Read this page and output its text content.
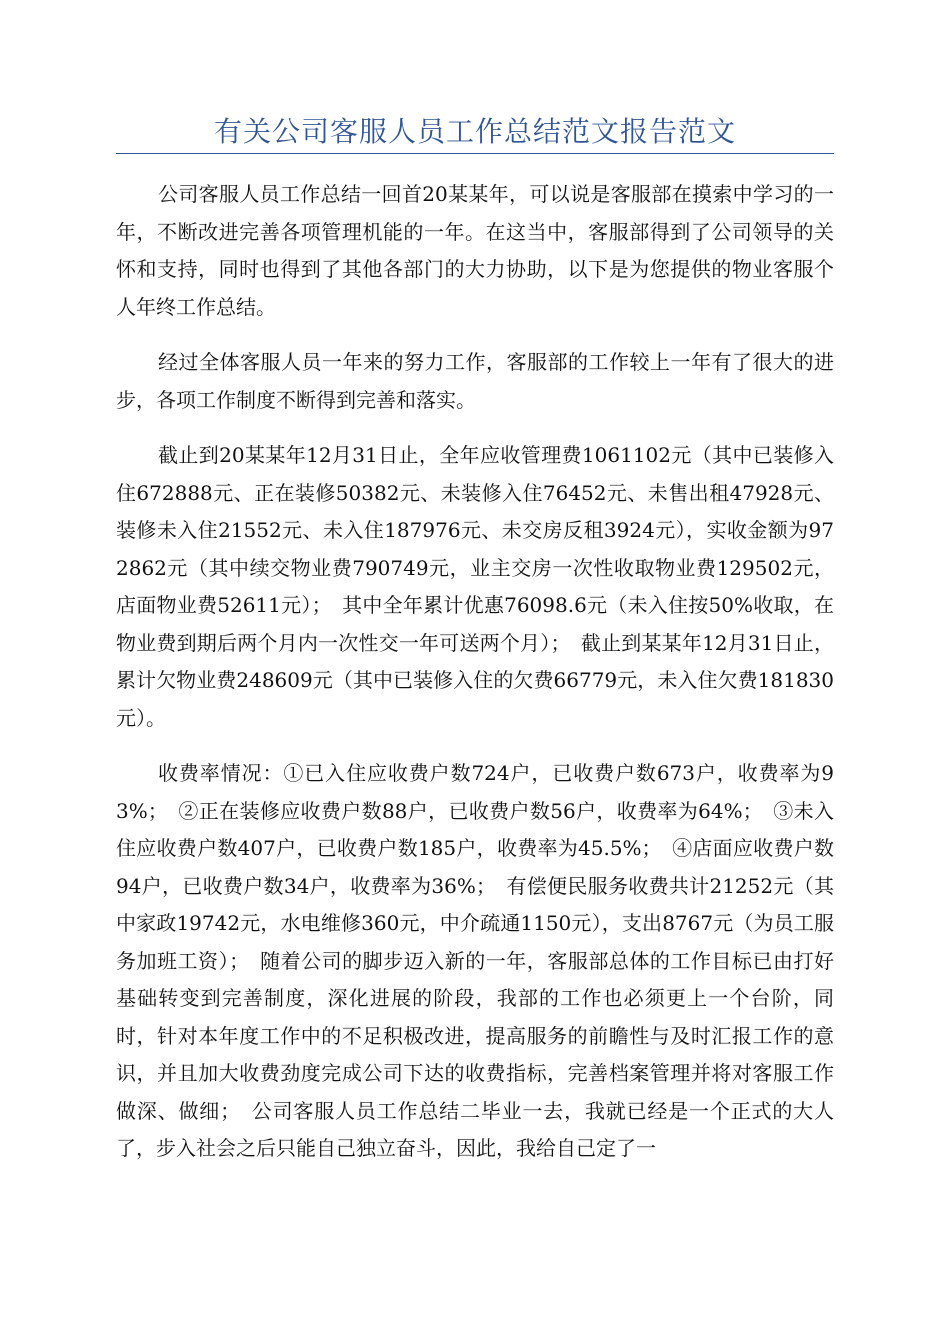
有关公司客服人员工作总结范文报告范文

公司客服人员工作总结一回首20某某年，可以说是客服部在摸索中学习的一年，不断改进完善各项管理机能的一年。在这当中，客服部得到了公司领导的关怀和支持，同时也得到了其他各部门的大力协助，以下是为您提供的物业客服个人年终工作总结。

经过全体客服人员一年来的努力工作，客服部的工作较上一年有了很大的进步，各项工作制度不断得到完善和落实。

截止到20某某年12月31日止，全年应收管理费1061102元（其中已装修入住672888元、正在装修50382元、未装修入住76452元、未售出租47928元、装修未入住21552元、未入住187976元、未交房反租3924元），实收金额为972862元（其中续交物业费790749元，业主交房一次性收取物业费129502元，店面物业费52611元）；　其中全年累计优惠76098.6元（未入住按50%收取，在物业费到期后两个月内一次性交一年可送两个月）；　截止到某某年12月31日止，累计欠物业费248609元（其中已装修入住的欠费66779元，未入住欠费181830元）。

收费率情况：①已入住应收费户数724户，已收费户数673户，收费率为93%；　②正在装修应收费户数88户，已收费户数56户，收费率为64%；　③未入住应收费户数407户，已收费户数185户，收费率为45.5%；　④店面应收费户数94户，已收费户数34户，收费率为36%；　有偿便民服务收费共计21252元（其中家政19742元，水电维修360元，中介疏通1150元），支出8767元（为员工服务加班工资）；　随着公司的脚步迈入新的一年，客服部总体的工作目标已由打好基础转变到完善制度，深化进展的阶段，我部的工作也必须更上一个台阶，同时，针对本年度工作中的不足积极改进，提高服务的前瞻性与及时汇报工作的意识，并且加大收费劲度完成公司下达的收费指标，完善档案管理并将对客服工作做深、做细；　公司客服人员工作总结二毕业一去，我就已经是一个正式的大人了，步入社会之后只能自己独立奋斗，因此，我给自己定了一
